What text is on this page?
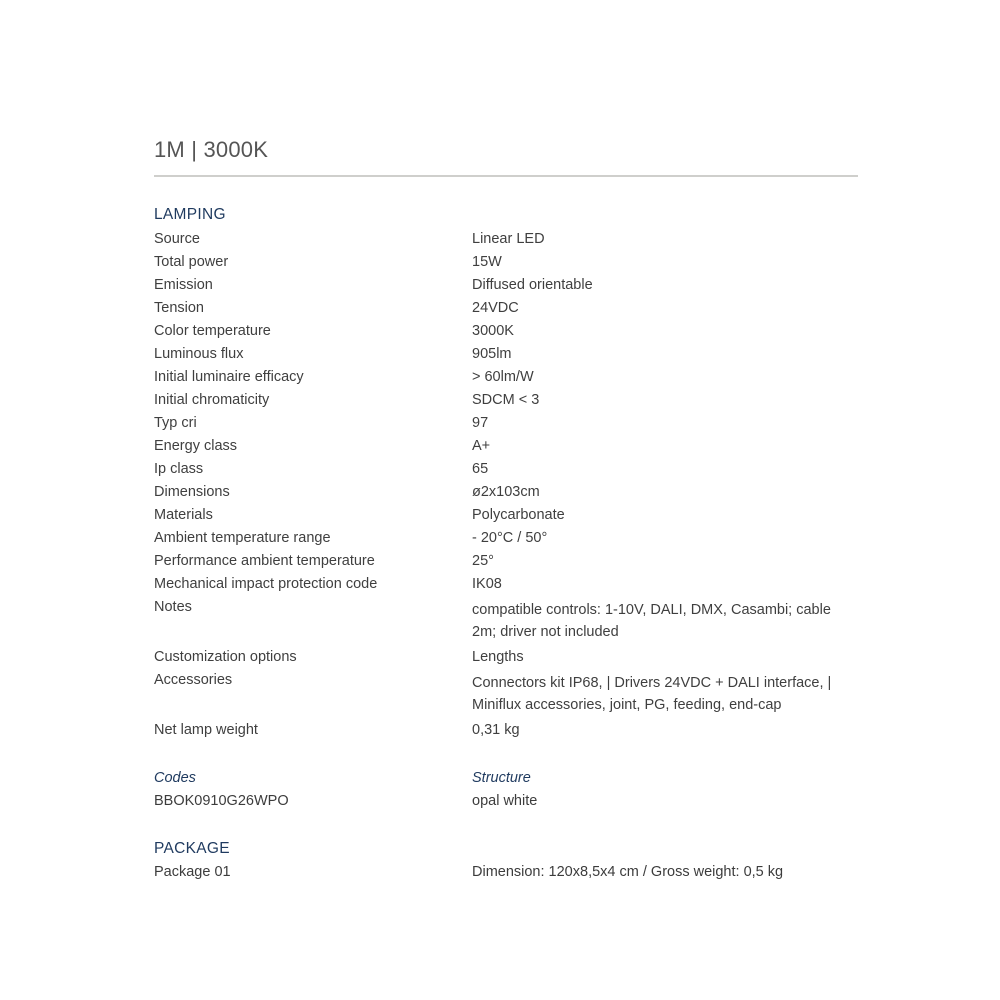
1M | 3000K
LAMPING
Source	Linear LED
Total power	15W
Emission	Diffused orientable
Tension	24VDC
Color temperature	3000K
Luminous flux	905lm
Initial luminaire efficacy	> 60lm/W
Initial chromaticity	SDCM < 3
Typ cri	97
Energy class	A+
Ip class	65
Dimensions	ø2x103cm
Materials	Polycarbonate
Ambient temperature range	- 20°C / 50°
Performance ambient temperature	25°
Mechanical impact protection code	IK08
Notes	compatible controls: 1-10V, DALI, DMX, Casambi; cable 2m; driver not included
Customization options	Lengths
Accessories	Connectors kit IP68, | Drivers 24VDC + DALI interface, | Miniflux accessories, joint, PG, feeding, end-cap
Net lamp weight	0,31 kg
Codes	Structure
BBOK0910G26WPO	opal white
PACKAGE
Package 01	Dimension: 120x8,5x4 cm / Gross weight: 0,5 kg
